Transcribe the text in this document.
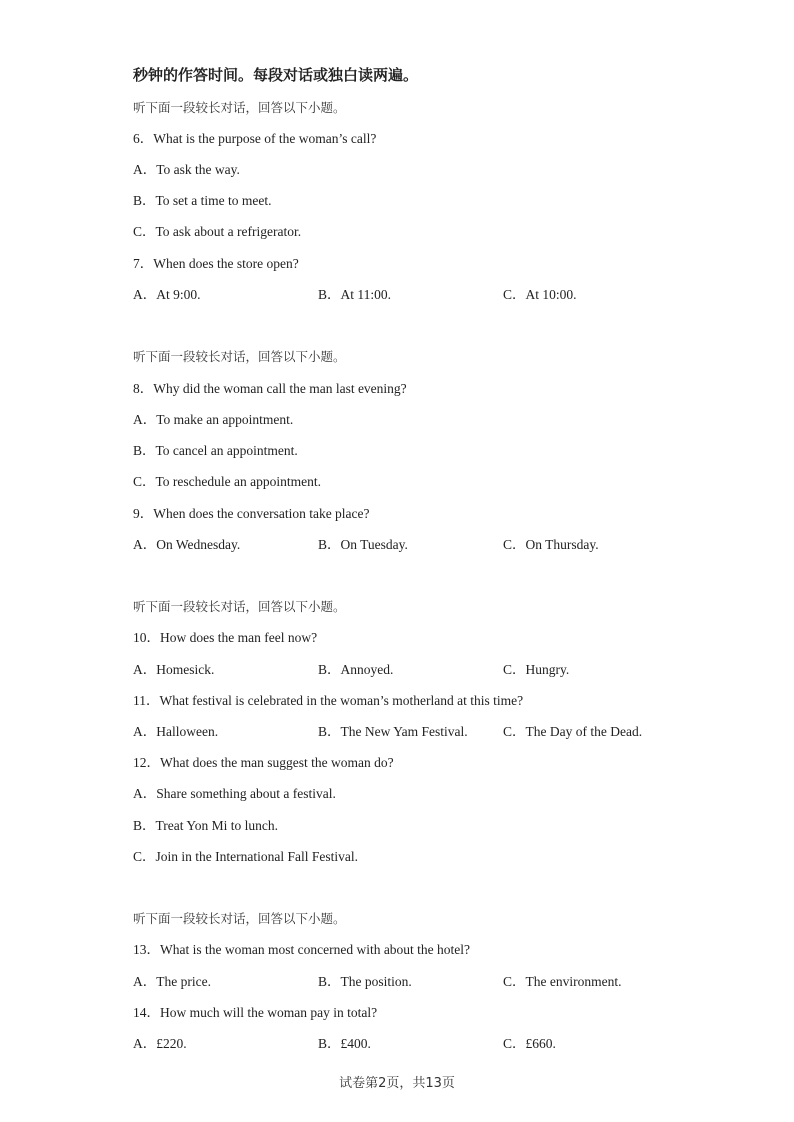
秒钟的作答时间。每段对话或独白读两遍。
听下面一段较长对话，回答以下小题。
6．What is the purpose of the woman’s call?
A．To ask the way.
B．To set a time to meet.
C．To ask about a refrigerator.
7．When does the store open?
A．At 9:00.	B．At 11:00.	C．At 10:00.
听下面一段较长对话，回答以下小题。
8．Why did the woman call the man last evening?
A．To make an appointment.
B．To cancel an appointment.
C．To reschedule an appointment.
9．When does the conversation take place?
A．On Wednesday.	B．On Tuesday.	C．On Thursday.
听下面一段较长对话，回答以下小题。
10．How does the man feel now?
A．Homesick.	B．Annoyed.	C．Hungry.
11．What festival is celebrated in the woman’s motherland at this time?
A．Halloween.	B．The New Yam Festival.	C．The Day of the Dead.
12．What does the man suggest the woman do?
A．Share something about a festival.
B．Treat Yon Mi to lunch.
C．Join in the International Fall Festival.
听下面一段较长对话，回答以下小题。
13．What is the woman most concerned with about the hotel?
A．The price.	B．The position.	C．The environment.
14．How much will the woman pay in total?
A．£220.	B．£400.	C．£660.
试卷第2页，共13页
